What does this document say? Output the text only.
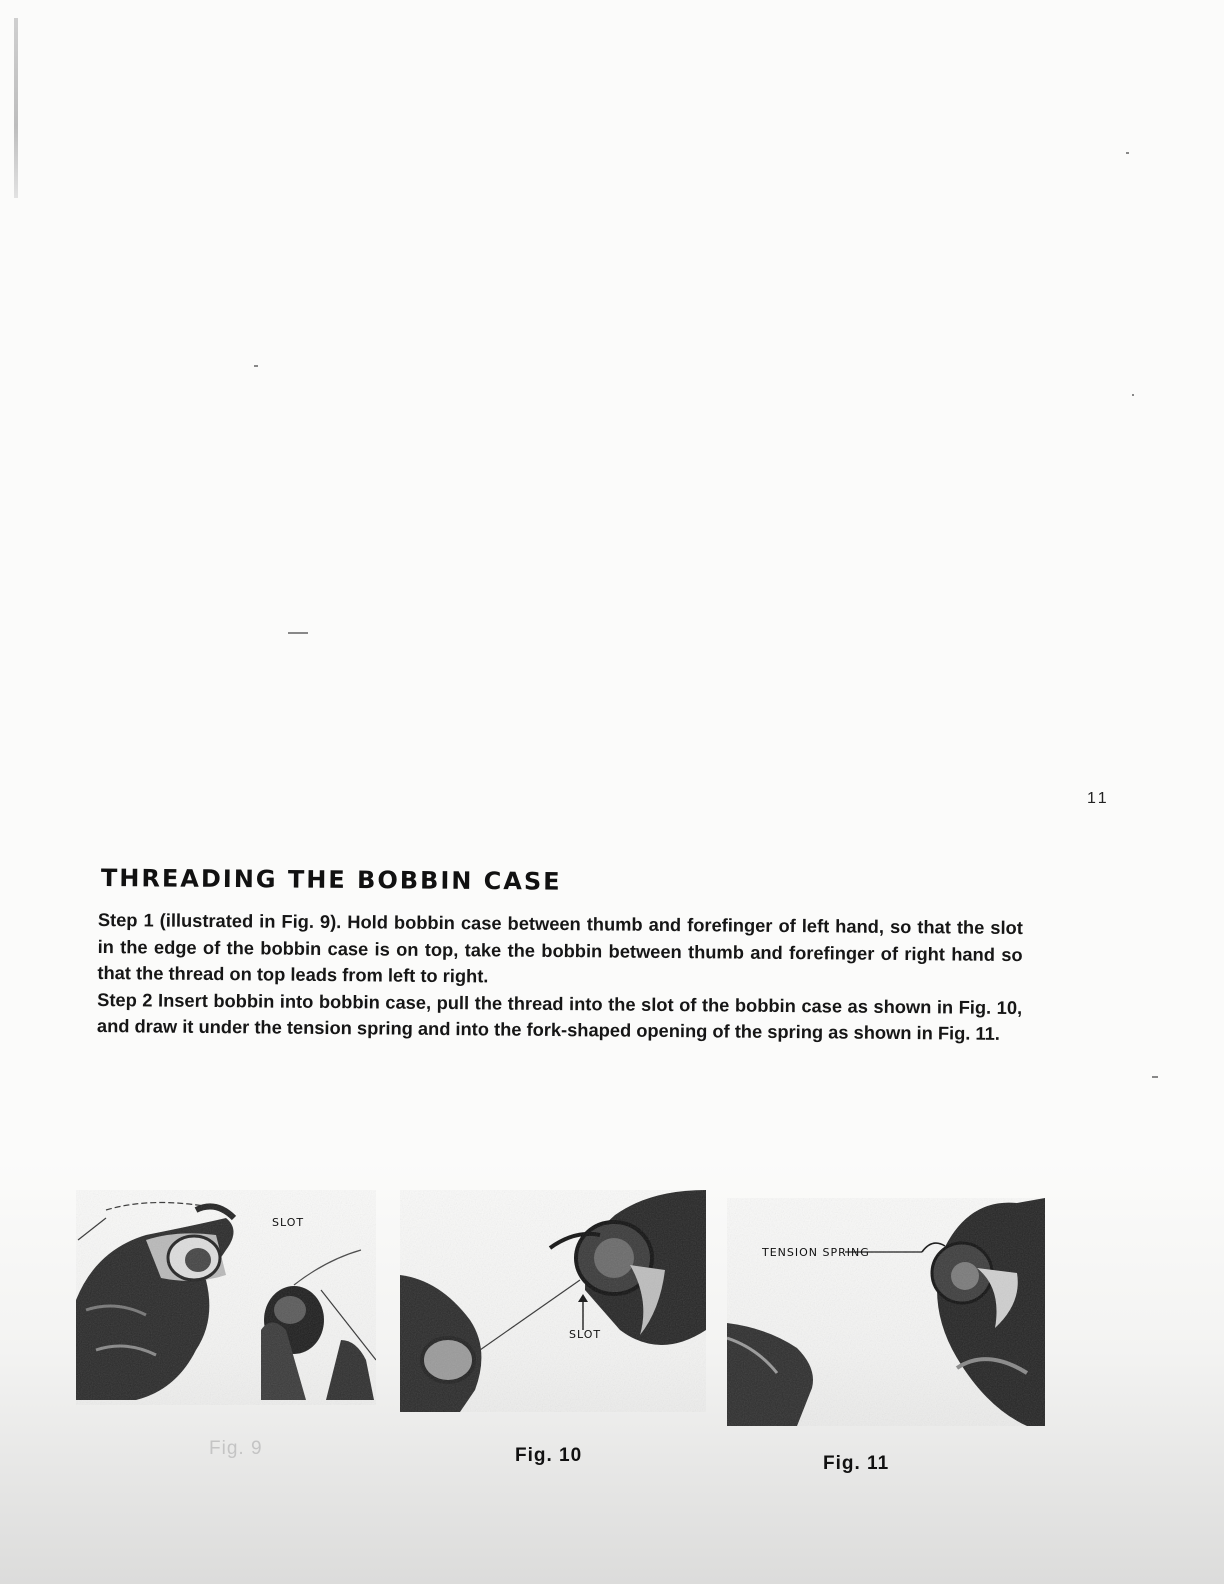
11
THREADING THE BOBBIN CASE

Step 1 (illustrated in Fig. 9). Hold bobbin case between thumb and forefinger of left hand, so that the slot in the edge of the bobbin case is on top, take the bobbin between thumb and forefinger of right hand so that the thread on top leads from left to right.

Step 2 Insert bobbin into bobbin case, pull the thread into the slot of the bobbin case as shown in Fig. 10, and draw it under the tension spring and into the fork-shaped opening of the spring as shown in Fig. 11.

SLOT
Fig. 9
SLOT
Fig. 10
TENSION SPRING
Fig. 11
